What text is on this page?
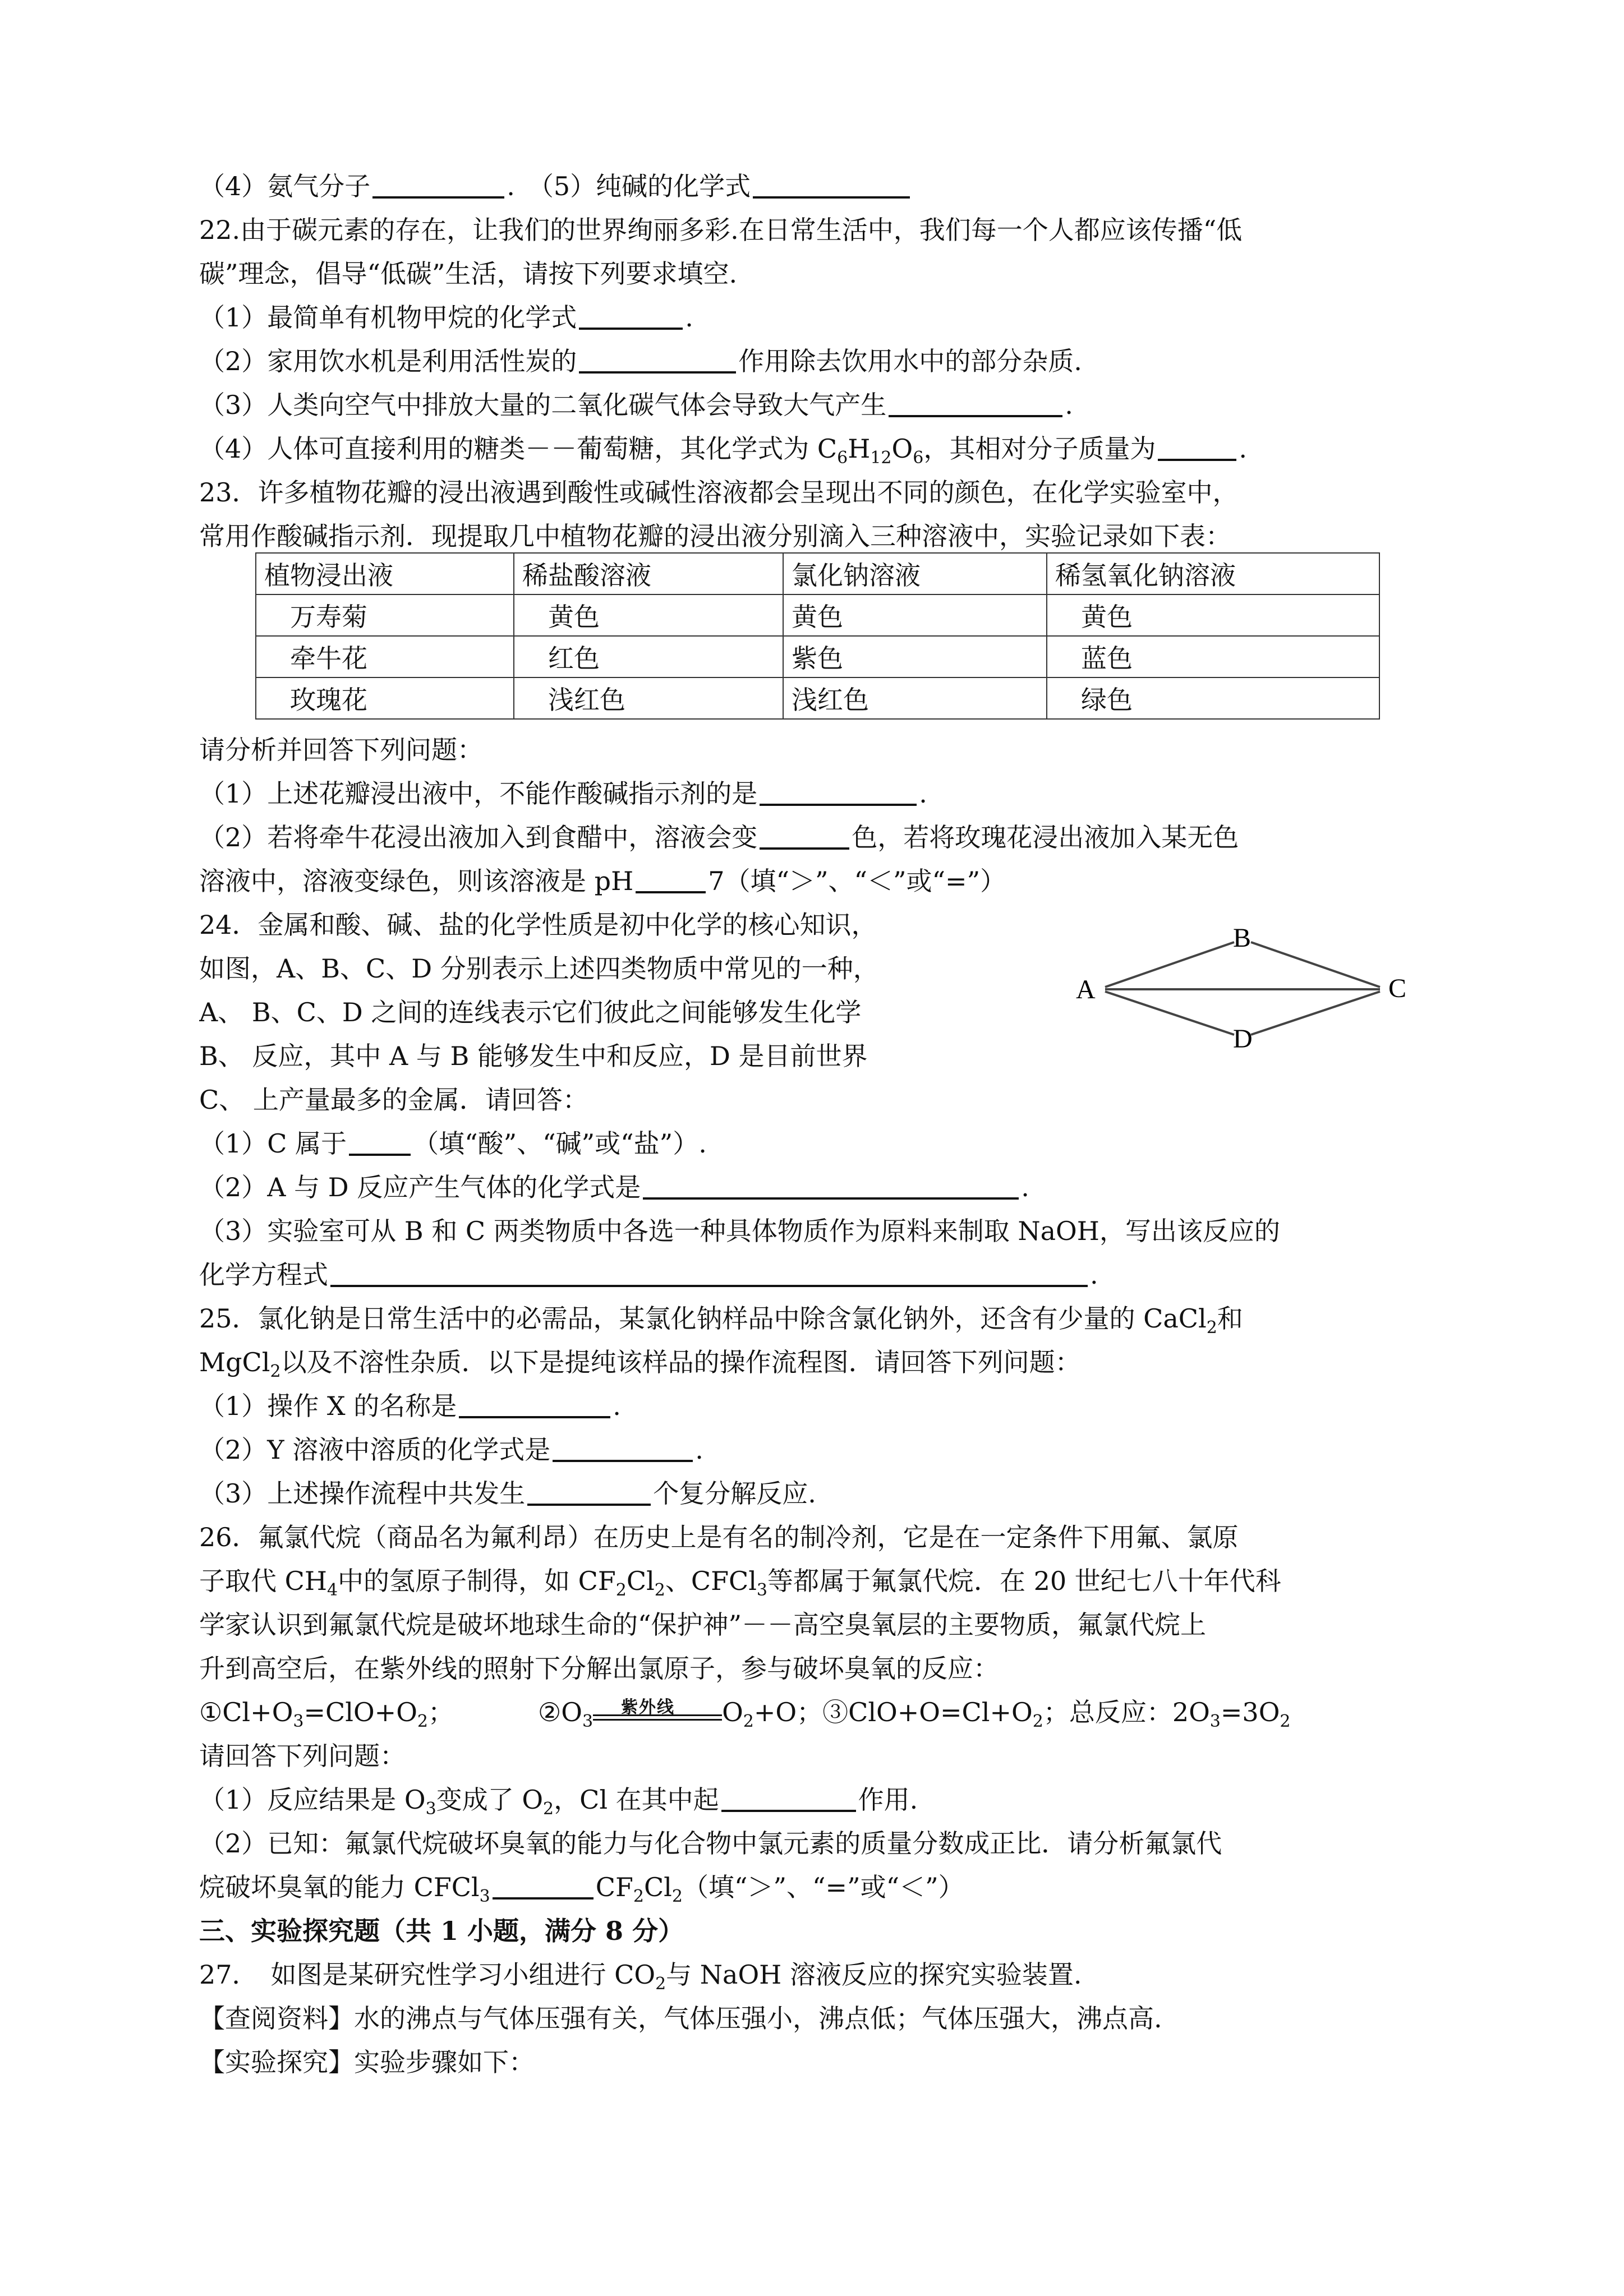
（4）氨气分子	.　（5）纯碱的化学式
22.由于碳元素的存在，让我们的世界绚丽多彩.在日常生活中，我们每一个人都应该传播“低
碳”理念，倡导“低碳”生活，请按下列要求填空.
（1）最简单有机物甲烷的化学式	.
（2）家用饮水机是利用活性炭的	作用除去饮用水中的部分杂质.
（3）人类向空气中排放大量的二氧化碳气体会导致大气产生	.
（4）人体可直接利用的糖类－－葡萄糖，其化学式为 $C_6H_{12}O_6$，其相对分子质量为	.
23．许多植物花瓣的浸出液遇到酸性或碱性溶液都会呈现出不同的颜色，在化学实验室中，
常用作酸碱指示剂．现提取几中植物花瓣的浸出液分别滴入三种溶液中，实验记录如下表：
植物浸出液	稀盐酸溶液	氯化钠溶液	稀氢氧化钠溶液
万寿菊	黄色	黄色	黄色
牵牛花	红色	紫色	蓝色
玫瑰花	浅红色	浅红色	绿色
请分析并回答下列问题：
（1）上述花瓣浸出液中，不能作酸碱指示剂的是	.
（2）若将牵牛花浸出液加入到食醋中，溶液会变	色，若将玫瑰花浸出液加入某无色
溶液中，溶液变绿色，则该溶液是 pH	7（填“＞”、“＜”或“=”）
24．金属和酸、碱、盐的化学性质是初中化学的核心知识，
如图，A、B、C、D 分别表示上述四类物质中常见的一种，
A、 B、C、D 之间的连线表示它们彼此之间能够发生化学
B、 反应，其中 A 与 B 能够发生中和反应，D 是目前世界
C、 上产量最多的金属．请回答：
A
B
C
D
（1）C 属于	（填“酸”、“碱”或“盐”）.
（2）A 与 D 反应产生气体的化学式是	.
（3）实验室可从 B 和 C 两类物质中各选一种具体物质作为原料来制取 NaOH，写出该反应的
化学方程式	.
25．氯化钠是日常生活中的必需品，某氯化钠样品中除含氯化钠外，还含有少量的 CaCl$_2$和
MgCl$_2$以及不溶性杂质．以下是提纯该样品的操作流程图．请回答下列问题：
（1）操作 X 的名称是	.
（2）Y 溶液中溶质的化学式是	.
（3）上述操作流程中共发生	个复分解反应.
26．氟氯代烷（商品名为氟利昂）在历史上是有名的制冷剂，它是在一定条件下用氟、氯原
子取代 $CH_4$中的氢原子制得，如 $CF_2Cl_2$、CFCl$_3$等都属于氟氯代烷．在 20 世纪七八十年代科
学家认识到氟氯代烷是破坏地球生命的“保护神”－－高空臭氧层的主要物质，氟氯代烷上
升到高空后，在紫外线的照射下分解出氯原子，参与破坏臭氧的反应：
$①Cl+O_3=ClO+O_2$；	$②O_3$
紫外线 $O_2+O$；$③ClO+O=Cl+O_2$；总反应：$2O_3=3O_2$
请回答下列问题：
（1）反应结果是 $O_3$变成了 $O_2$，Cl 在其中起	作用.
（2）已知：氟氯代烷破坏臭氧的能力与化合物中氯元素的质量分数成正比．请分析氟氯代
烷破坏臭氧的能力 CFCl$_3$	$CF_2Cl_2$（填“＞”、“=”或“＜”）
三、实验探究题（共 1 小题，满分 8 分）
27．　如图是某研究性学习小组进行 $CO_2$与 NaOH 溶液反应的探究实验装置.
【查阅资料】水的沸点与气体压强有关，气体压强小，沸点低；气体压强大，沸点高.
【实验探究】实验步骤如下：
